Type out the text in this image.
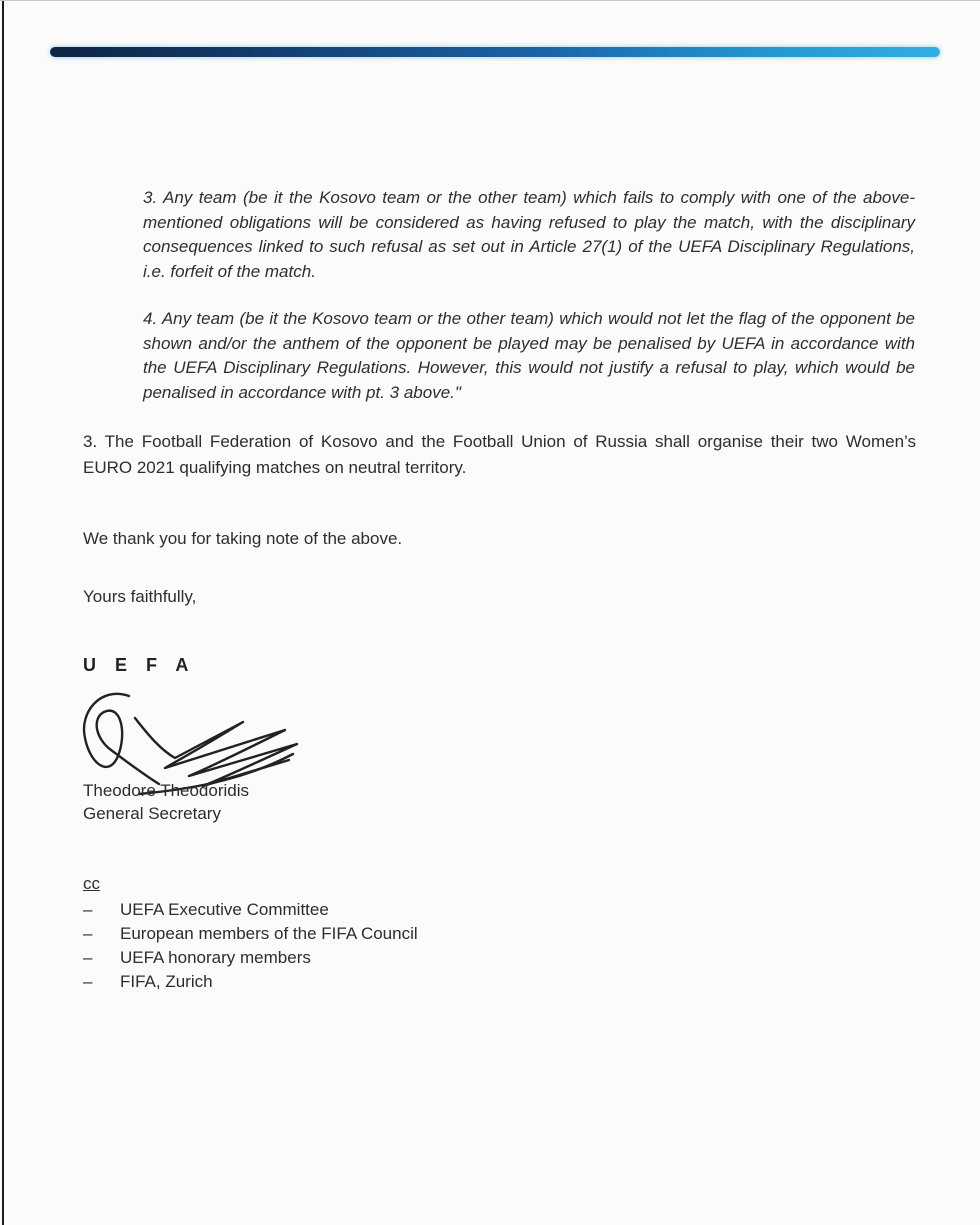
3. Any team (be it the Kosovo team or the other team) which fails to comply with one of the above-mentioned obligations will be considered as having refused to play the match, with the disciplinary consequences linked to such refusal as set out in Article 27(1) of the UEFA Disciplinary Regulations, i.e. forfeit of the match.

4. Any team (be it the Kosovo team or the other team) which would not let the flag of the opponent be shown and/or the anthem of the opponent be played may be penalised by UEFA in accordance with the UEFA Disciplinary Regulations. However, this would not justify a refusal to play, which would be penalised in accordance with pt. 3 above."

3. The Football Federation of Kosovo and the Football Union of Russia shall organise their two Women’s EURO 2021 qualifying matches on neutral territory.
We thank you for taking note of the above.
Yours faithfully,
U E F A
Theodore Theodoridis
General Secretary
cc
–	UEFA Executive Committee
–	European members of the FIFA Council
–	UEFA honorary members
–	FIFA, Zurich
